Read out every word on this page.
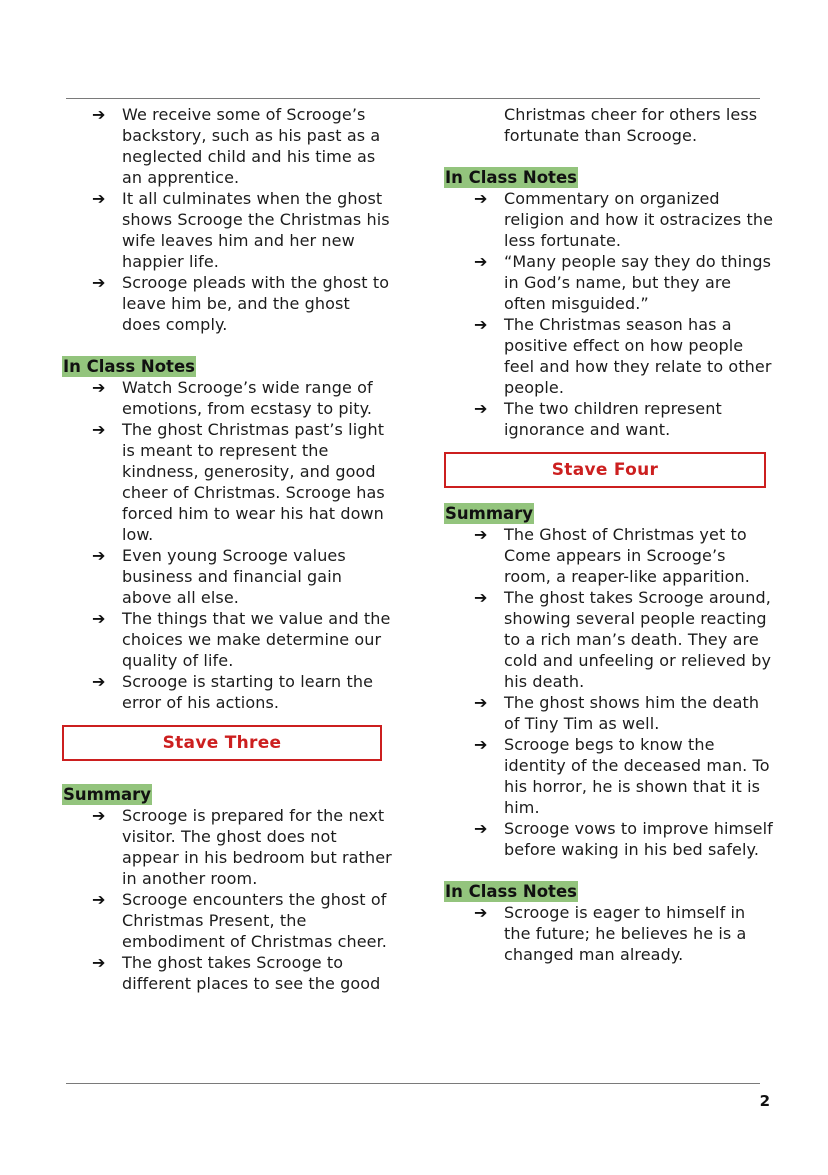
➔ We receive some of Scrooge’s backstory, such as his past as a neglected child and his time as an apprentice.
➔ It all culminates when the ghost shows Scrooge the Christmas his wife leaves him and her new happier life.
➔ Scrooge pleads with the ghost to leave him be, and the ghost does comply.
In Class Notes
➔ Watch Scrooge’s wide range of emotions, from ecstasy to pity.
➔ The ghost Christmas past’s light is meant to represent the kindness, generosity, and good cheer of Christmas. Scrooge has forced him to wear his hat down low.
➔ Even young Scrooge values business and financial gain above all else.
➔ The things that we value and the choices we make determine our quality of life.
➔ Scrooge is starting to learn the error of his actions.
Stave Three
Summary
➔ Scrooge is prepared for the next visitor. The ghost does not appear in his bedroom but rather in another room.
➔ Scrooge encounters the ghost of Christmas Present, the embodiment of Christmas cheer.
➔ The ghost takes Scrooge to different places to see the good

Christmas cheer for others less fortunate than Scrooge.

In Class Notes
➔ Commentary on organized religion and how it ostracizes the less fortunate.
➔ “Many people say they do things in God’s name, but they are often misguided.”
➔ The Christmas season has a positive effect on how people feel and how they relate to other people.
➔ The two children represent ignorance and want.
Stave Four
Summary
➔ The Ghost of Christmas yet to Come appears in Scrooge’s room, a reaper-like apparition.
➔ The ghost takes Scrooge around, showing several people reacting to a rich man’s death. They are cold and unfeeling or relieved by his death.
➔ The ghost shows him the death of Tiny Tim as well.
➔ Scrooge begs to know the identity of the deceased man. To his horror, he is shown that it is him.
➔ Scrooge vows to improve himself before waking in his bed safely.
In Class Notes
➔ Scrooge is eager to himself in the future; he believes he is a changed man already.
2
